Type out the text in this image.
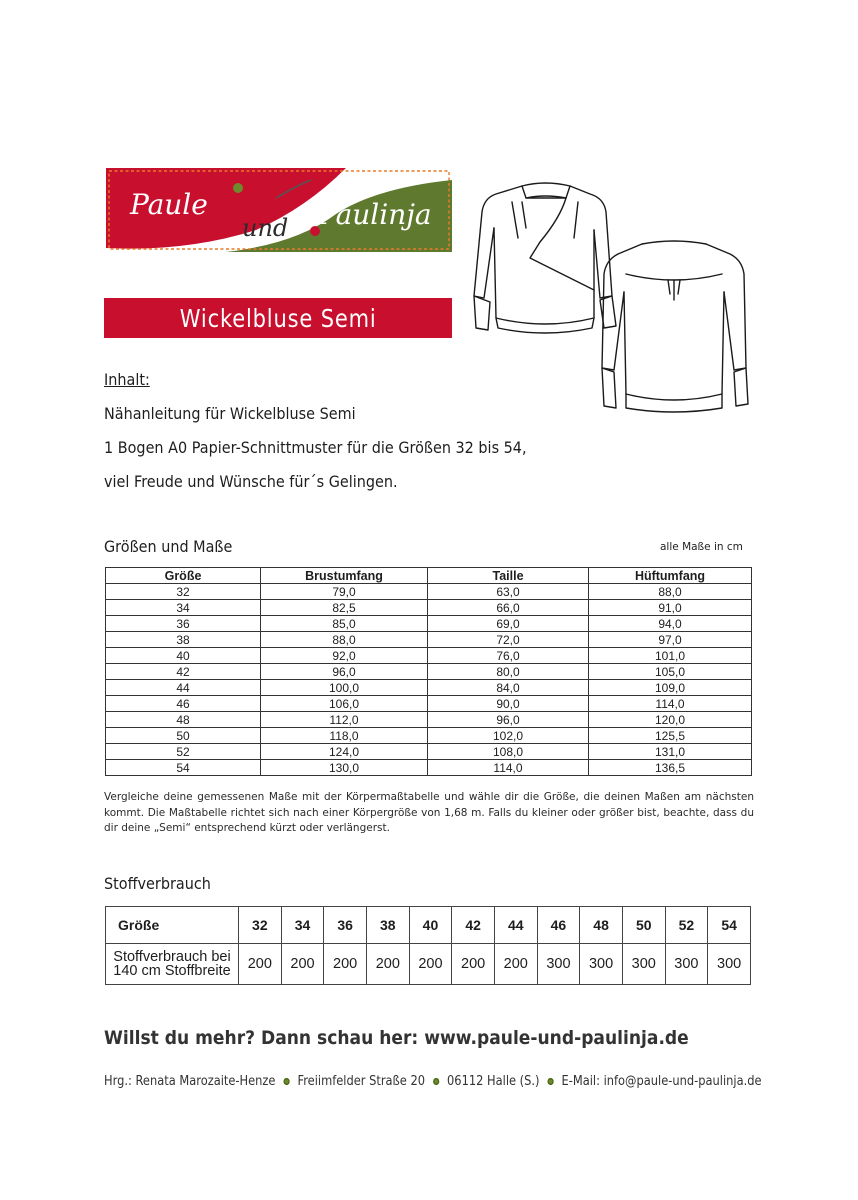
Paule
und Paulinja
Wickelbluse Semi
Inhalt:
Nähanleitung für Wickelbluse Semi
1 Bogen A0 Papier-Schnittmuster für die Größen 32 bis 54,
viel Freude und Wünsche für´s Gelingen.
Größen und Maße	alle Maße in cm
Größe	Brustumfang	Taille	Hüftumfang
32	79,0	63,0	88,0
34	82,5	66,0	91,0
36	85,0	69,0	94,0
38	88,0	72,0	97,0
40	92,0	76,0	101,0
42	96,0	80,0	105,0
44	100,0	84,0	109,0
46	106,0	90,0	114,0
48	112,0	96,0	120,0
50	118,0	102,0	125,5
52	124,0	108,0	131,0
54	130,0	114,0	136,5
Vergleiche deine gemessenen Maße mit der Körpermaßtabelle und wähle dir die Größe, die deinen Maßen am nächsten kommt. Die Maßtabelle richtet sich nach einer Körpergröße von 1,68 m. Falls du kleiner oder größer bist, beachte, dass du dir deine „Semi“ entsprechend kürzt oder verlängerst.
Stoffverbrauch
Größe	32	34	36	38	40	42	44	46	48	50	52	54
Stoffverbrauch bei
140 cm Stoffbreite	200	200	200	200	200	200	200	300	300	300	300	300
Willst du mehr? Dann schau her: www.paule-und-paulinja.de
Hrg.: Renata Marozaite-Henze Freiimfelder Straße 20 06112 Halle (S.) E-Mail: info@paule-und-paulinja.de
